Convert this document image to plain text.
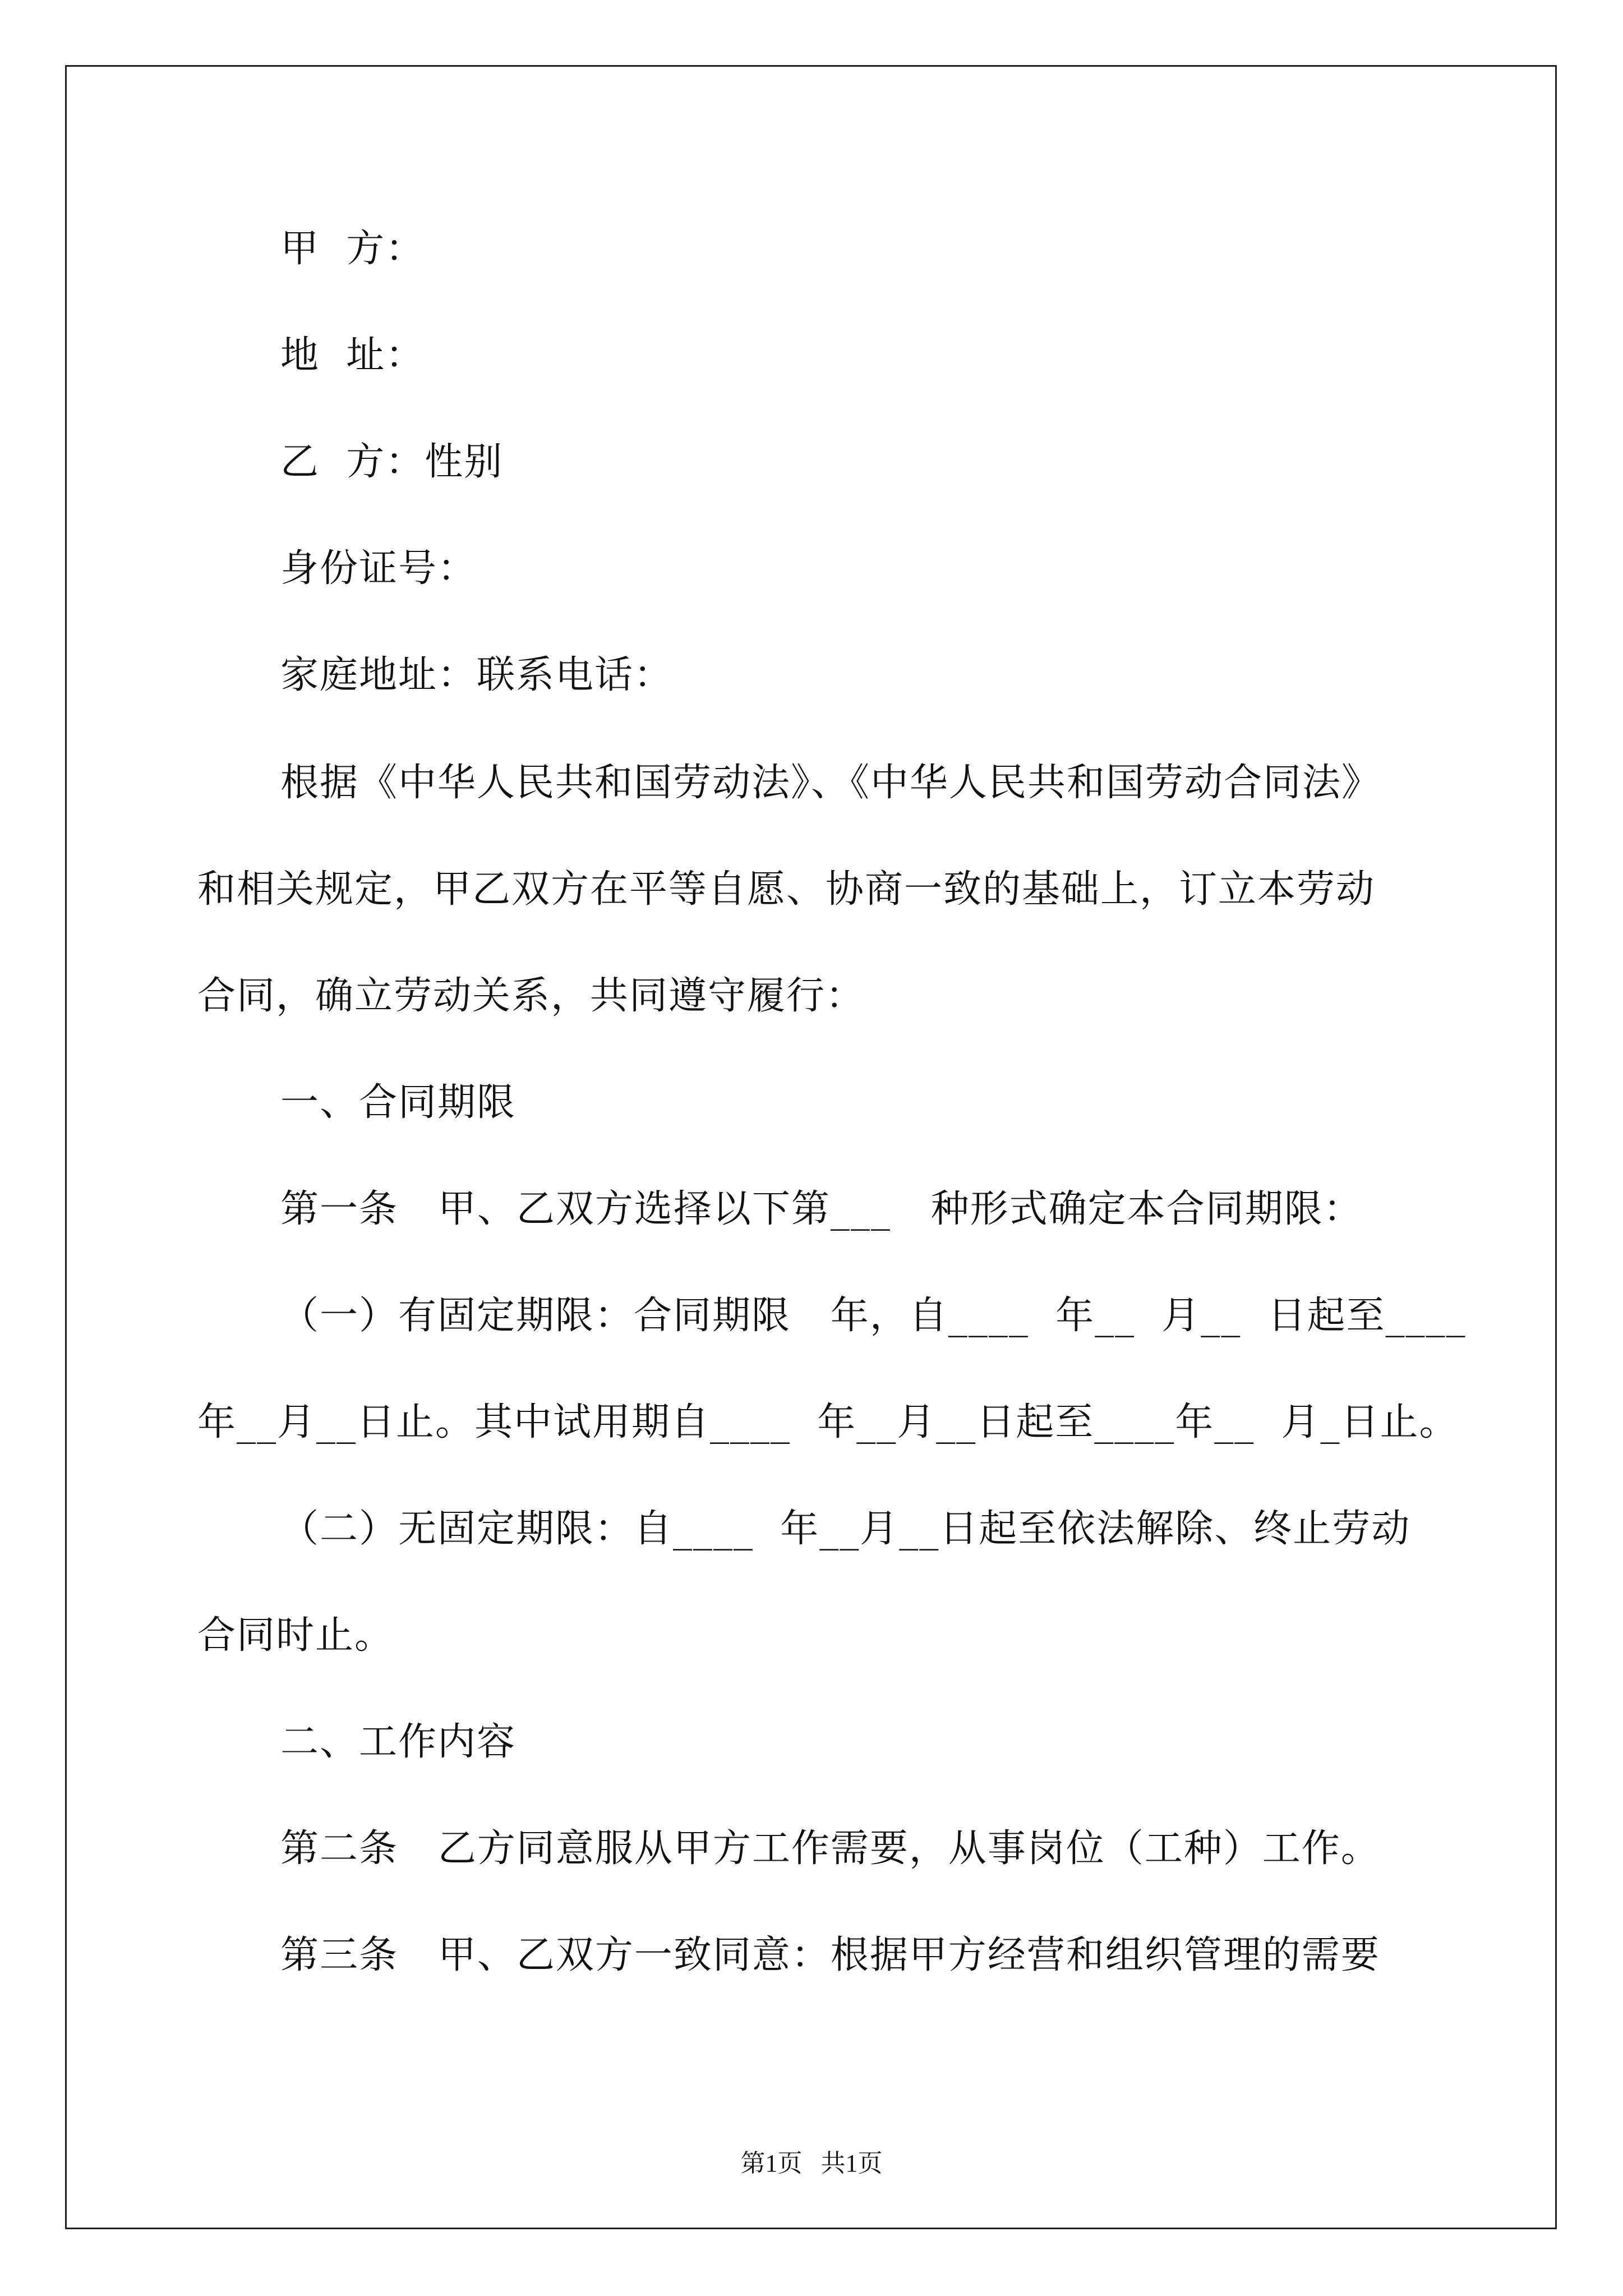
甲  方：
地  址：
乙  方：性别
身份证号：
家庭地址：联系电话：
根据《中华人民共和国劳动法》、《中华人民共和国劳动合同法》
和相关规定，甲乙双方在平等自愿、协商一致的基础上，订立本劳动
合同，确立劳动关系，共同遵守履行：
一、合同期限
第一条   甲、乙双方选择以下第___   种形式确定本合同期限：
（一）有固定期限：合同期限   年，自____  年__  月__  日起至____
年__月__日止。其中试用期自____  年__月__日起至____年__  月_日止。
（二）无固定期限：自____  年__月__日起至依法解除、终止劳动
合同时止。
二、工作内容
第二条   乙方同意服从甲方工作需要，从事岗位（工种）工作。
第三条   甲、乙双方一致同意：根据甲方经营和组织管理的需要
第1页   共1页
